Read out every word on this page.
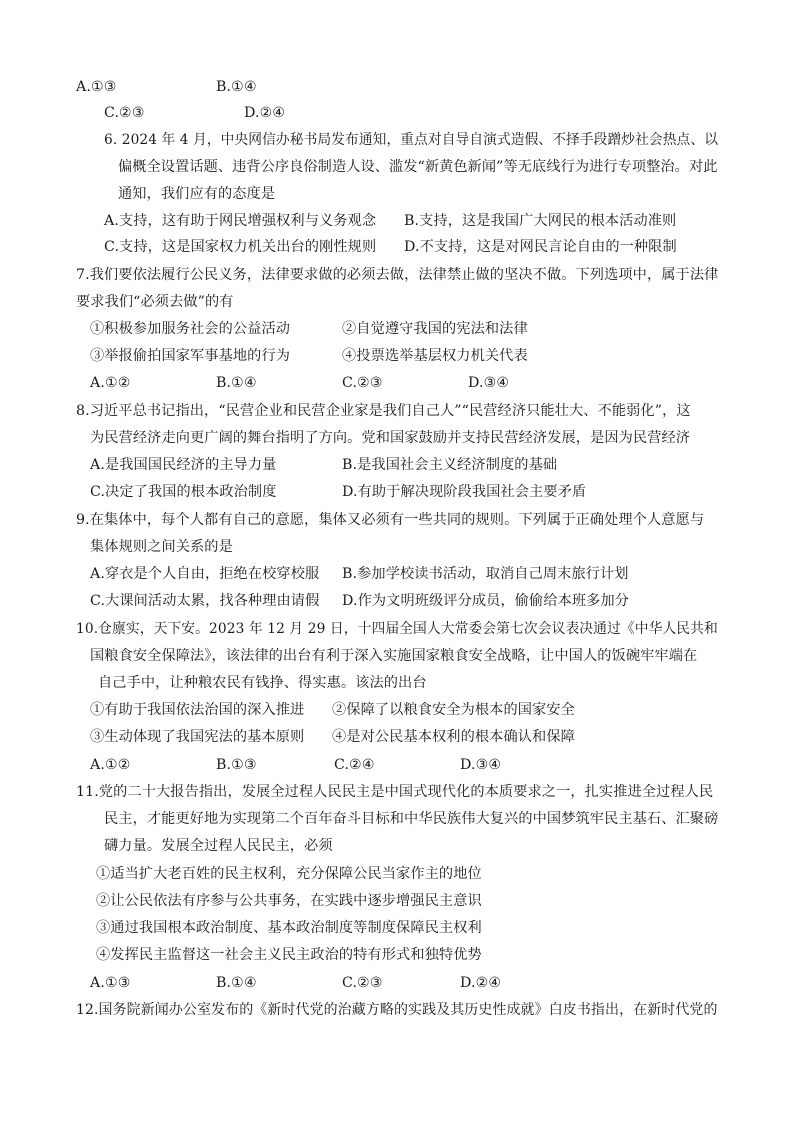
A.①③	B.①④
C.②③	D.②④
6. 2024 年 4 月，中央网信办秘书局发布通知，重点对自导自演式造假、不择手段蹭炒社会热点、以
偏概全设置话题、违背公序良俗制造人设、滥发“新黄色新闻”等无底线行为进行专项整治。对此
通知，我们应有的态度是
A.支持，这有助于网民增强权利与义务观念 B.支持，这是我国广大网民的根本活动准则
C.支持，这是国家权力机关出台的刚性规则 D.不支持，这是对网民言论自由的一种限制
7.我们要依法履行公民义务，法律要求做的必须去做，法律禁止做的坚决不做。下列选项中，属于法律
要求我们“必须去做”的有
①积极参加服务社会的公益活动	②自觉遵守我国的宪法和法律
③举报偷拍国家军事基地的行为	④投票选举基层权力机关代表
A.①②	B.①④	C.②③	D.③④
8.习近平总书记指出，“民营企业和民营企业家是我们自己人”“民营经济只能壮大、不能弱化”，这
为民营经济走向更广阔的舞台指明了方向。党和国家鼓励并支持民营经济发展，是因为民营经济
A.是我国国民经济的主导力量	B.是我国社会主义经济制度的基础
C.决定了我国的根本政治制度	D.有助于解决现阶段我国社会主要矛盾
9.在集体中，每个人都有自己的意愿，集体又必须有一些共同的规则。下列属于正确处理个人意愿与
集体规则之间关系的是
A.穿衣是个人自由，拒绝在校穿校服 B.参加学校读书活动，取消自己周末旅行计划
C.大课间活动太累，找各种理由请假 D.作为文明班级评分成员，偷偷给本班多加分
10.仓廪实，天下安。2023 年 12 月 29 日，十四届全国人大常委会第七次会议表决通过《中华人民共和
国粮食安全保障法》，该法律的出台有利于深入实施国家粮食安全战略，让中国人的饭碗牢牢端在
自己手中，让种粮农民有钱挣、得实惠。该法的出台
①有助于我国依法治国的深入推进 ②保障了以粮食安全为根本的国家安全
③生动体现了我国宪法的基本原则 ④是对公民基本权利的根本确认和保障
A.①②	B.①③	C.②④	D.③④
11.党的二十大报告指出，发展全过程人民民主是中国式现代化的本质要求之一，扎实推进全过程人民
民主，才能更好地为实现第二个百年奋斗目标和中华民族伟大复兴的中国梦筑牢民主基石、汇聚磅
礴力量。发展全过程人民民主，必须
①适当扩大老百姓的民主权利，充分保障公民当家作主的地位
②让公民依法有序参与公共事务，在实践中逐步增强民主意识
③通过我国根本政治制度、基本政治制度等制度保障民主权利
④发挥民主监督这一社会主义民主政治的特有形式和独特优势
A.①③	B.①④	C.②③	D.②④
12.国务院新闻办公室发布的《新时代党的治藏方略的实践及其历史性成就》白皮书指出，在新时代党的
